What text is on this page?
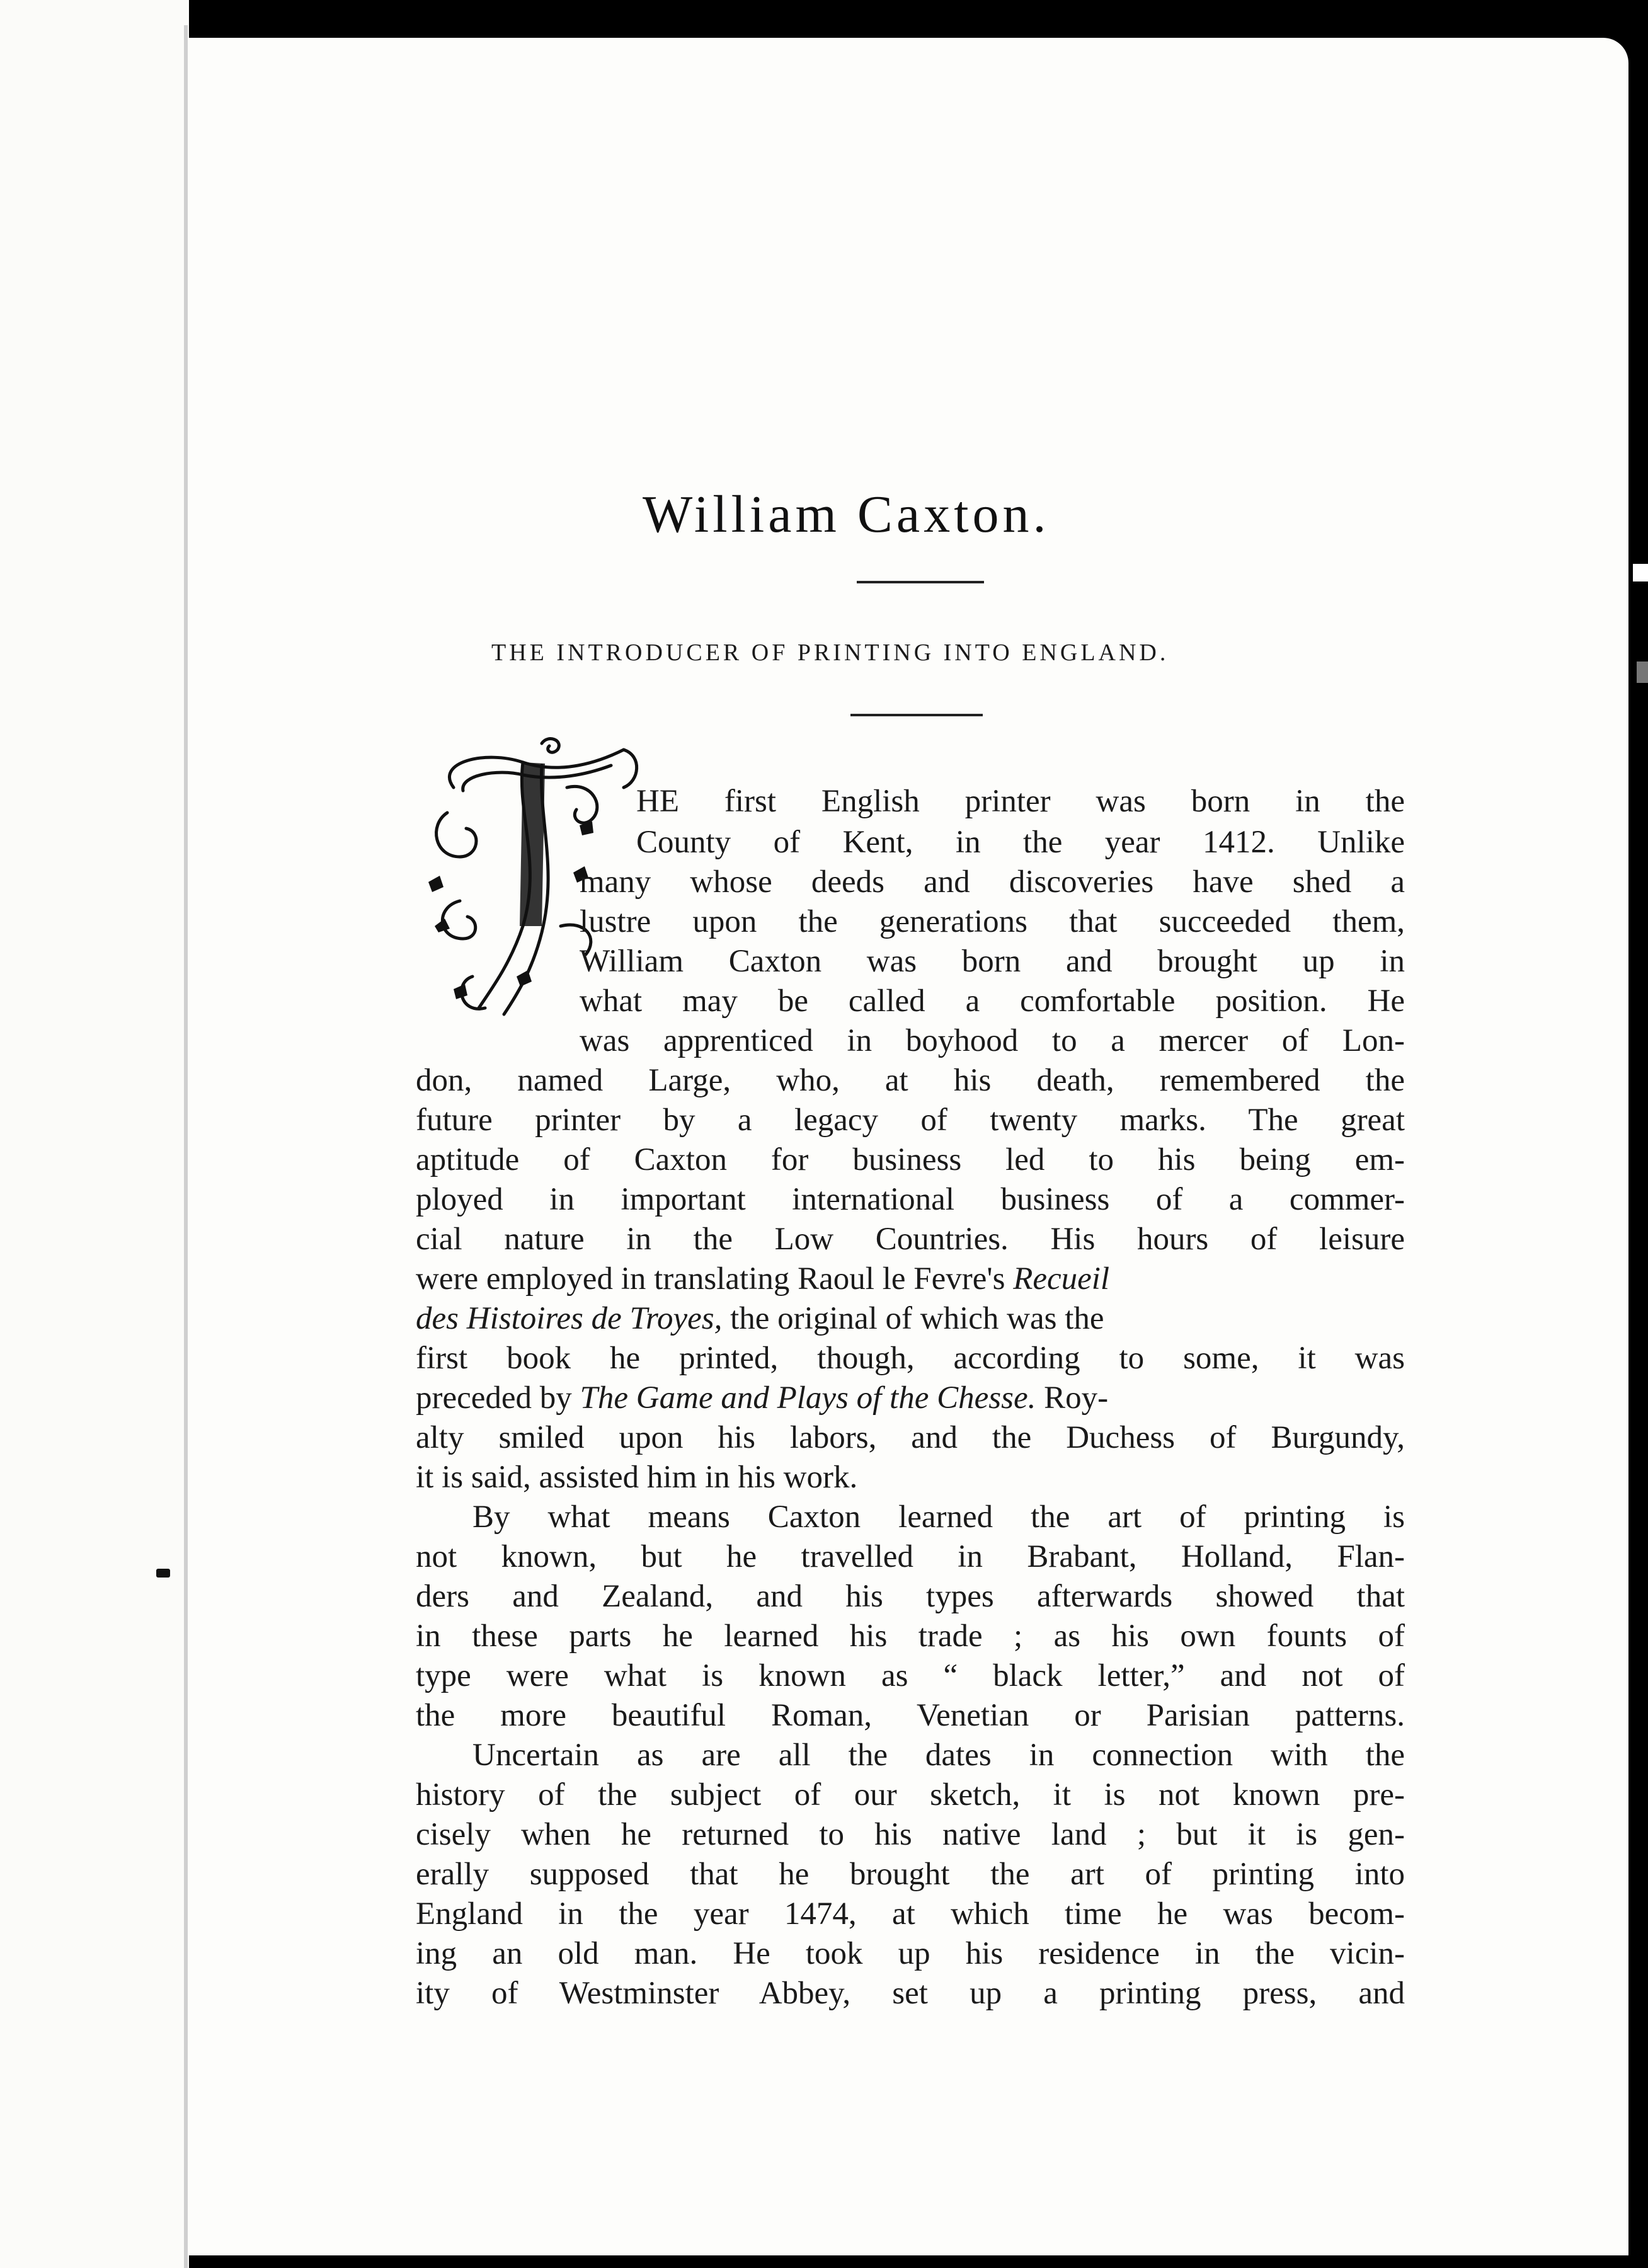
William Caxton.
THE INTRODUCER OF PRINTING INTO ENGLAND.
HE first English printer was born in the
County of Kent, in the year 1412. Unlike
many whose deeds and discoveries have shed a
lustre upon the generations that succeeded them,
William Caxton was born and brought up in
what may be called a comfortable position. He
was apprenticed in boyhood to a mercer of Lon-
don, named Large, who, at his death, remembered the
future printer by a legacy of twenty marks. The great
aptitude of Caxton for business led to his being em-
ployed in important international business of a commer-
cial nature in the Low Countries. His hours of leisure
were employed in translating Raoul le Fevre's Recueil
des Histoires de Troyes, the original of which was the
first book he printed, though, according to some, it was
preceded by The Game and Plays of the Chesse. Roy-
alty smiled upon his labors, and the Duchess of Burgundy,
it is said, assisted him in his work.
By what means Caxton learned the art of printing is
not known, but he travelled in Brabant, Holland, Flan-
ders and Zealand, and his types afterwards showed that
in these parts he learned his trade ; as his own founts of
type were what is known as “ black letter,” and not of
the more beautiful Roman, Venetian or Parisian patterns.
Uncertain as are all the dates in connection with the
history of the subject of our sketch, it is not known pre-
cisely when he returned to his native land ; but it is gen-
erally supposed that he brought the art of printing into
England in the year 1474, at which time he was becom-
ing an old man. He took up his residence in the vicin-
ity of Westminster Abbey, set up a printing press, and
